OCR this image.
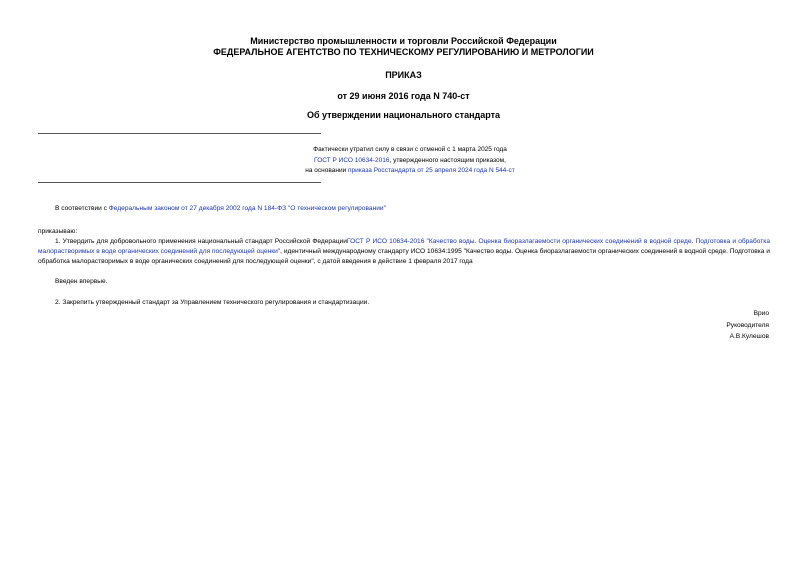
Министерство промышленности и торговли Российской Федерации
ФЕДЕРАЛЬНОЕ АГЕНТСТВО ПО ТЕХНИЧЕСКОМУ РЕГУЛИРОВАНИЮ И МЕТРОЛОГИИ
ПРИКАЗ
от 29 июня 2016 года N 740-ст
Об утверждении национального стандарта
Фактически утратил силу в связи с отменой с 1 марта 2025 года
ГОСТ Р ИСО 10634-2016, утвержденного настоящим приказом,
на основании приказа Росстандарта от 25 апреля 2024 года N 544-ст
В соответствии с Федеральным законом от 27 декабря 2002 года N 184-ФЗ "О техническом регулировании"
приказываю:
1. Утвердить для добровольного применения национальный стандарт Российской ФедерацииГОСТ Р ИСО 10634-2016 "Качество воды. Оценка биоразлагаемости органических соединений в водной среде. Подготовка и обработка малорастворимых в воде органических соединений для последующей оценки", идентичный международному стандарту ИСО 10634:1995 "Качество воды. Оценка биоразлагаемости органических соединений в водной среде. Подготовка и обработка малорастворимых в воде органических соединений для последующей оценки", с датой введения в действие 1 февраля 2017 года
Введен впервые.
2. Закрепить утвержденный стандарт за Управлением технического регулирования и стандартизации.
Врио
Руководителя
А.В.Кулешов
